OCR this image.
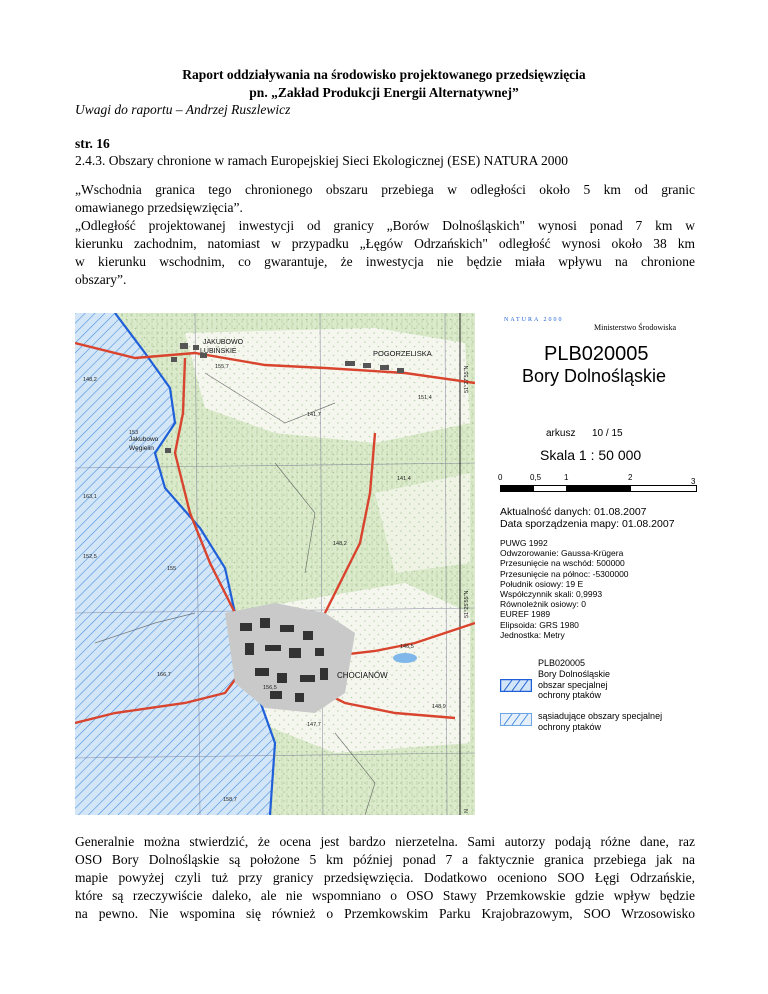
Raport oddziaływania na środowisko projektowanego przedsięwzięcia
pn. „Zakład Produkcji Energii Alternatywnej”
Uwagi do raportu – Andrzej Ruszlewicz
str. 16
2.4.3. Obszary chronione w ramach Europejskiej Sieci Ekologicznej (ESE) NATURA 2000
„Wschodnia granica tego chronionego obszaru przebiega w odległości około 5 km od granic
omawianego przedsięwzięcia”.
„Odległość projektowanej inwestycji od granicy „Borów Dolnośląskich" wynosi ponad 7 km w
kierunku zachodnim, natomiast w przypadku „Łęgów Odrzańskich" odległość wynosi około 38 km
w kierunku wschodnim, co gwarantuje, że inwestycja nie będzie miała wpływu na chronione
obszary”.
JAKUBOWO
LUBIŃSKIE	POGORZELISKA
Jakubowo
Węgielin
CHOCIANÓW
155,7
148,2
151,4
141,7
153
141,4
163,1
152,5
148,2
155
146,5
166,7
156,5
148,9
147,7
158,7
51°27'55"N
51°25'55"N
N
NATURA 2000
Ministerstwo Środowiska
PLB020005
Bory Dolnośląskie
arkusz 10 / 15
Skala 1 : 50 000
0	0,5	1	2	3
Aktualność danych: 01.08.2007
Data sporządzenia mapy: 01.08.2007
PUWG 1992
Odwzorowanie: Gaussa-Krügera
Przesunięcie na wschód: 500000
Przesunięcie na północ: -5300000
Południk osiowy: 19 E
Współczynnik skali: 0,9993
Równoleżnik osiowy: 0
EUREF 1989
Elipsoida: GRS 1980
Jednostka: Metry
PLB020005
Bory Dolnośląskie
obszar specjalnej
ochrony ptaków
sąsiadujące obszary specjalnej
ochrony ptaków
Generalnie można stwierdzić, że ocena jest bardzo nierzetelna. Sami autorzy podają różne dane, raz
OSO Bory Dolnośląskie są położone 5 km później ponad 7 a faktycznie granica przebiega jak na
mapie powyżej czyli tuż przy granicy przedsięwzięcia. Dodatkowo oceniono SOO Łęgi Odrzańskie,
które są rzeczywiście daleko, ale nie wspomniano o OSO Stawy Przemkowskie gdzie wpływ będzie
na pewno. Nie wspomina się również o Przemkowskim Parku Krajobrazowym, SOO Wrzosowisko
